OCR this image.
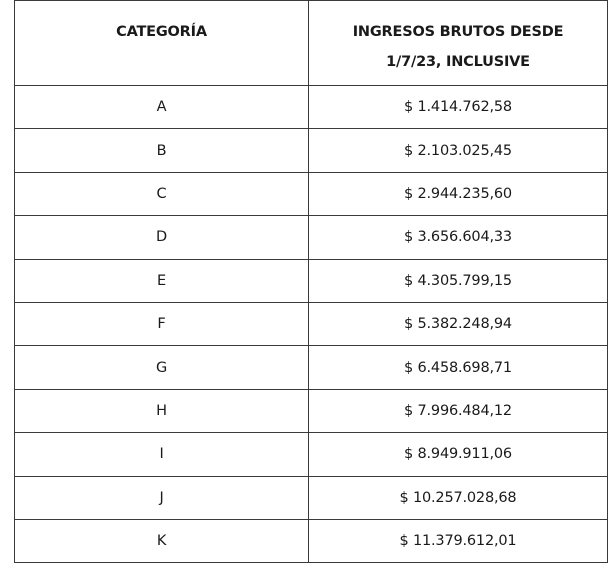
CATEGORÍA	INGRESOS BRUTOS DESDE 1/7/23, INCLUSIVE
A	$ 1.414.762,58
B	$ 2.103.025,45
C	$ 2.944.235,60
D	$ 3.656.604,33
E	$ 4.305.799,15
F	$ 5.382.248,94
G	$ 6.458.698,71
H	$ 7.996.484,12
I	$ 8.949.911,06
J	$ 10.257.028,68
K	$ 11.379.612,01
